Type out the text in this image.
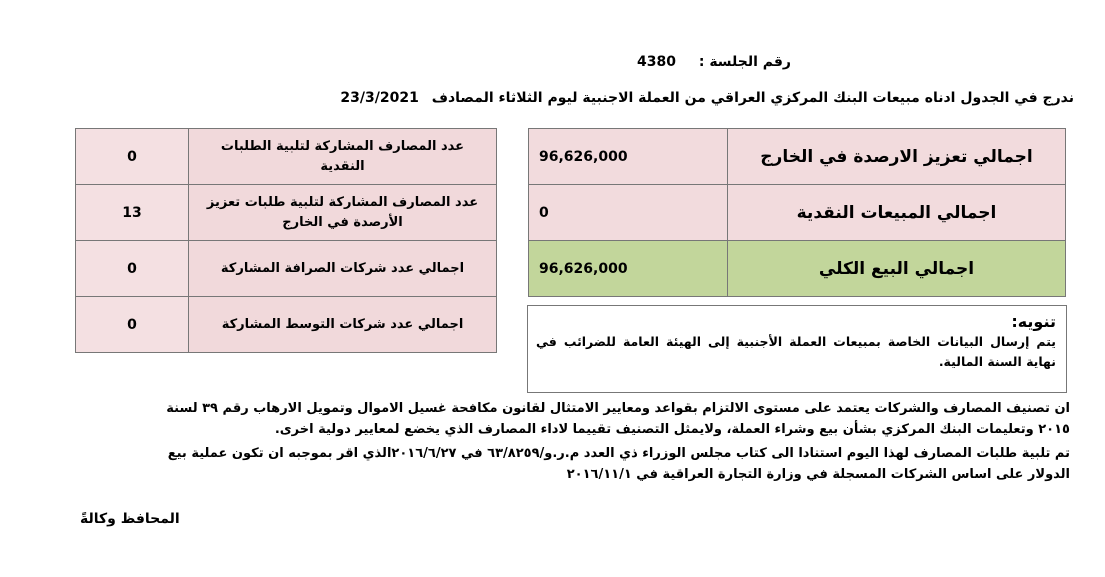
رقم الجلسة : 4380
ندرج في الجدول ادناه مبيعات البنك المركزي العراقي من العملة الاجنبية ليوم الثلاثاء المصادف 23/3/2021
عدد المصارف المشاركة لتلبية الطلبات النقدية	0
عدد المصارف المشاركة لتلبية طلبات تعزيز الأرصدة في الخارج	13
اجمالي عدد شركات الصرافة المشاركة	0
اجمالي عدد شركات التوسط المشاركة	0
اجمالي تعزيز الارصدة في الخارج	96,626,000
اجمالي المبيعات النقدية	0
اجمالي البيع الكلي	96,626,000
تنويه:
يتم إرسال البيانات الخاصة بمبيعات العملة الأجنبية إلى الهيئة العامة للضرائب في نهاية السنة المالية.
ان تصنيف المصارف والشركات يعتمد على مستوى الالتزام بقواعد ومعايير الامتثال لقانون مكافحة غسيل الاموال وتمويل الارهاب رقم ٣٩ لسنة ٢٠١٥ وتعليمات البنك المركزي بشأن بيع وشراء العملة، ولايمثل التصنيف تقييما لاداء المصارف الذي يخضع لمعايير دولية اخرى.
تم تلبية طلبات المصارف لهذا اليوم استنادا الى كتاب مجلس الوزراء ذي العدد م.ر.و/٦٣/٨٢٥٩ في ٢٠١٦/٦/٢٧الذي اقر بموجبه ان تكون عملية بيع الدولار على اساس الشركات المسجلة في وزارة التجارة العراقية في ٢٠١٦/١١/١
المحافظ وكالةً
